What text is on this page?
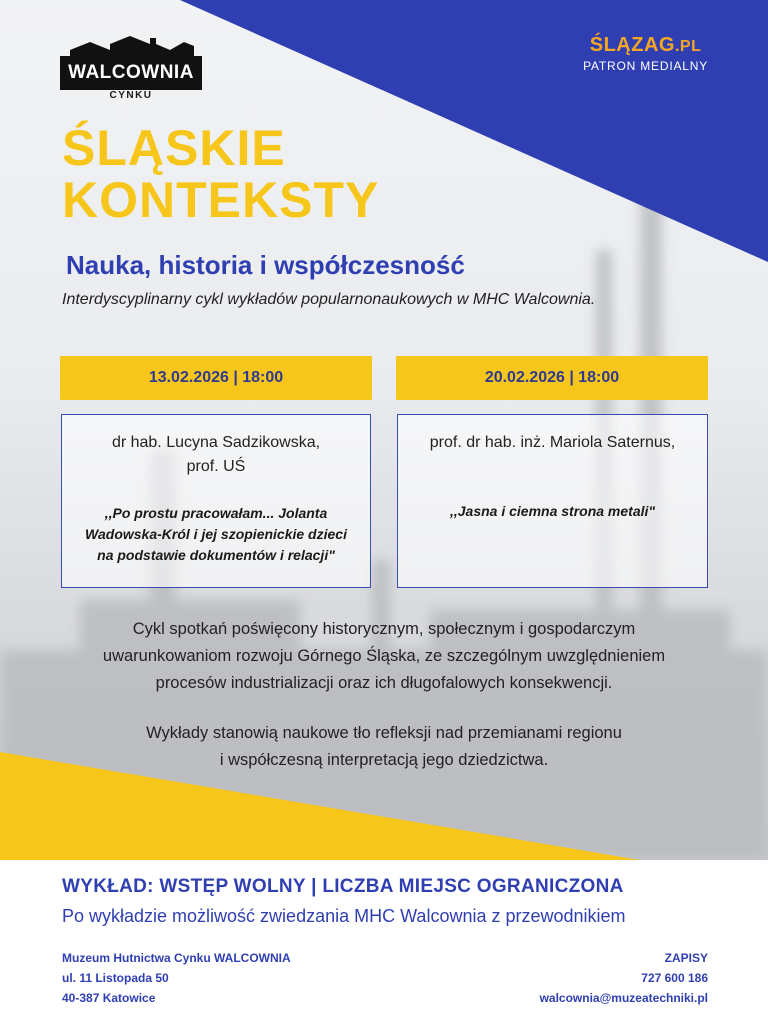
WALCOWNIA
CYNKU
ŚLĄZAG.PL
PATRON MEDIALNY
ŚLĄSKIE
KONTEKSTY
Nauka, historia i współczesność
Interdyscyplinarny cykl wykładów popularnonaukowych w MHC Walcownia.
13.02.2026 | 18:00	20.02.2026 | 18:00
dr hab. Lucyna Sadzikowska,
prof. UŚ
,,Po prostu pracowałam... Jolanta
Wadowska-Król i jej szopienickie dzieci
na podstawie dokumentów i relacji"
prof. dr hab. inż. Mariola Saternus,
,,Jasna i ciemna strona metali"
Cykl spotkań poświęcony historycznym, społecznym i gospodarczym
uwarunkowaniom rozwoju Górnego Śląska, ze szczególnym uwzględnieniem
procesów industrializacji oraz ich długofalowych konsekwencji.
Wykłady stanowią naukowe tło refleksji nad przemianami regionu
i współczesną interpretacją jego dziedzictwa.
WYKŁAD: WSTĘP WOLNY | LICZBA MIEJSC OGRANICZONA
Po wykładzie możliwość zwiedzania MHC Walcownia z przewodnikiem
Muzeum Hutnictwa Cynku WALCOWNIA
ul. 11 Listopada 50
40-387 Katowice
ZAPISY
727 600 186
walcownia@muzeatechniki.pl
